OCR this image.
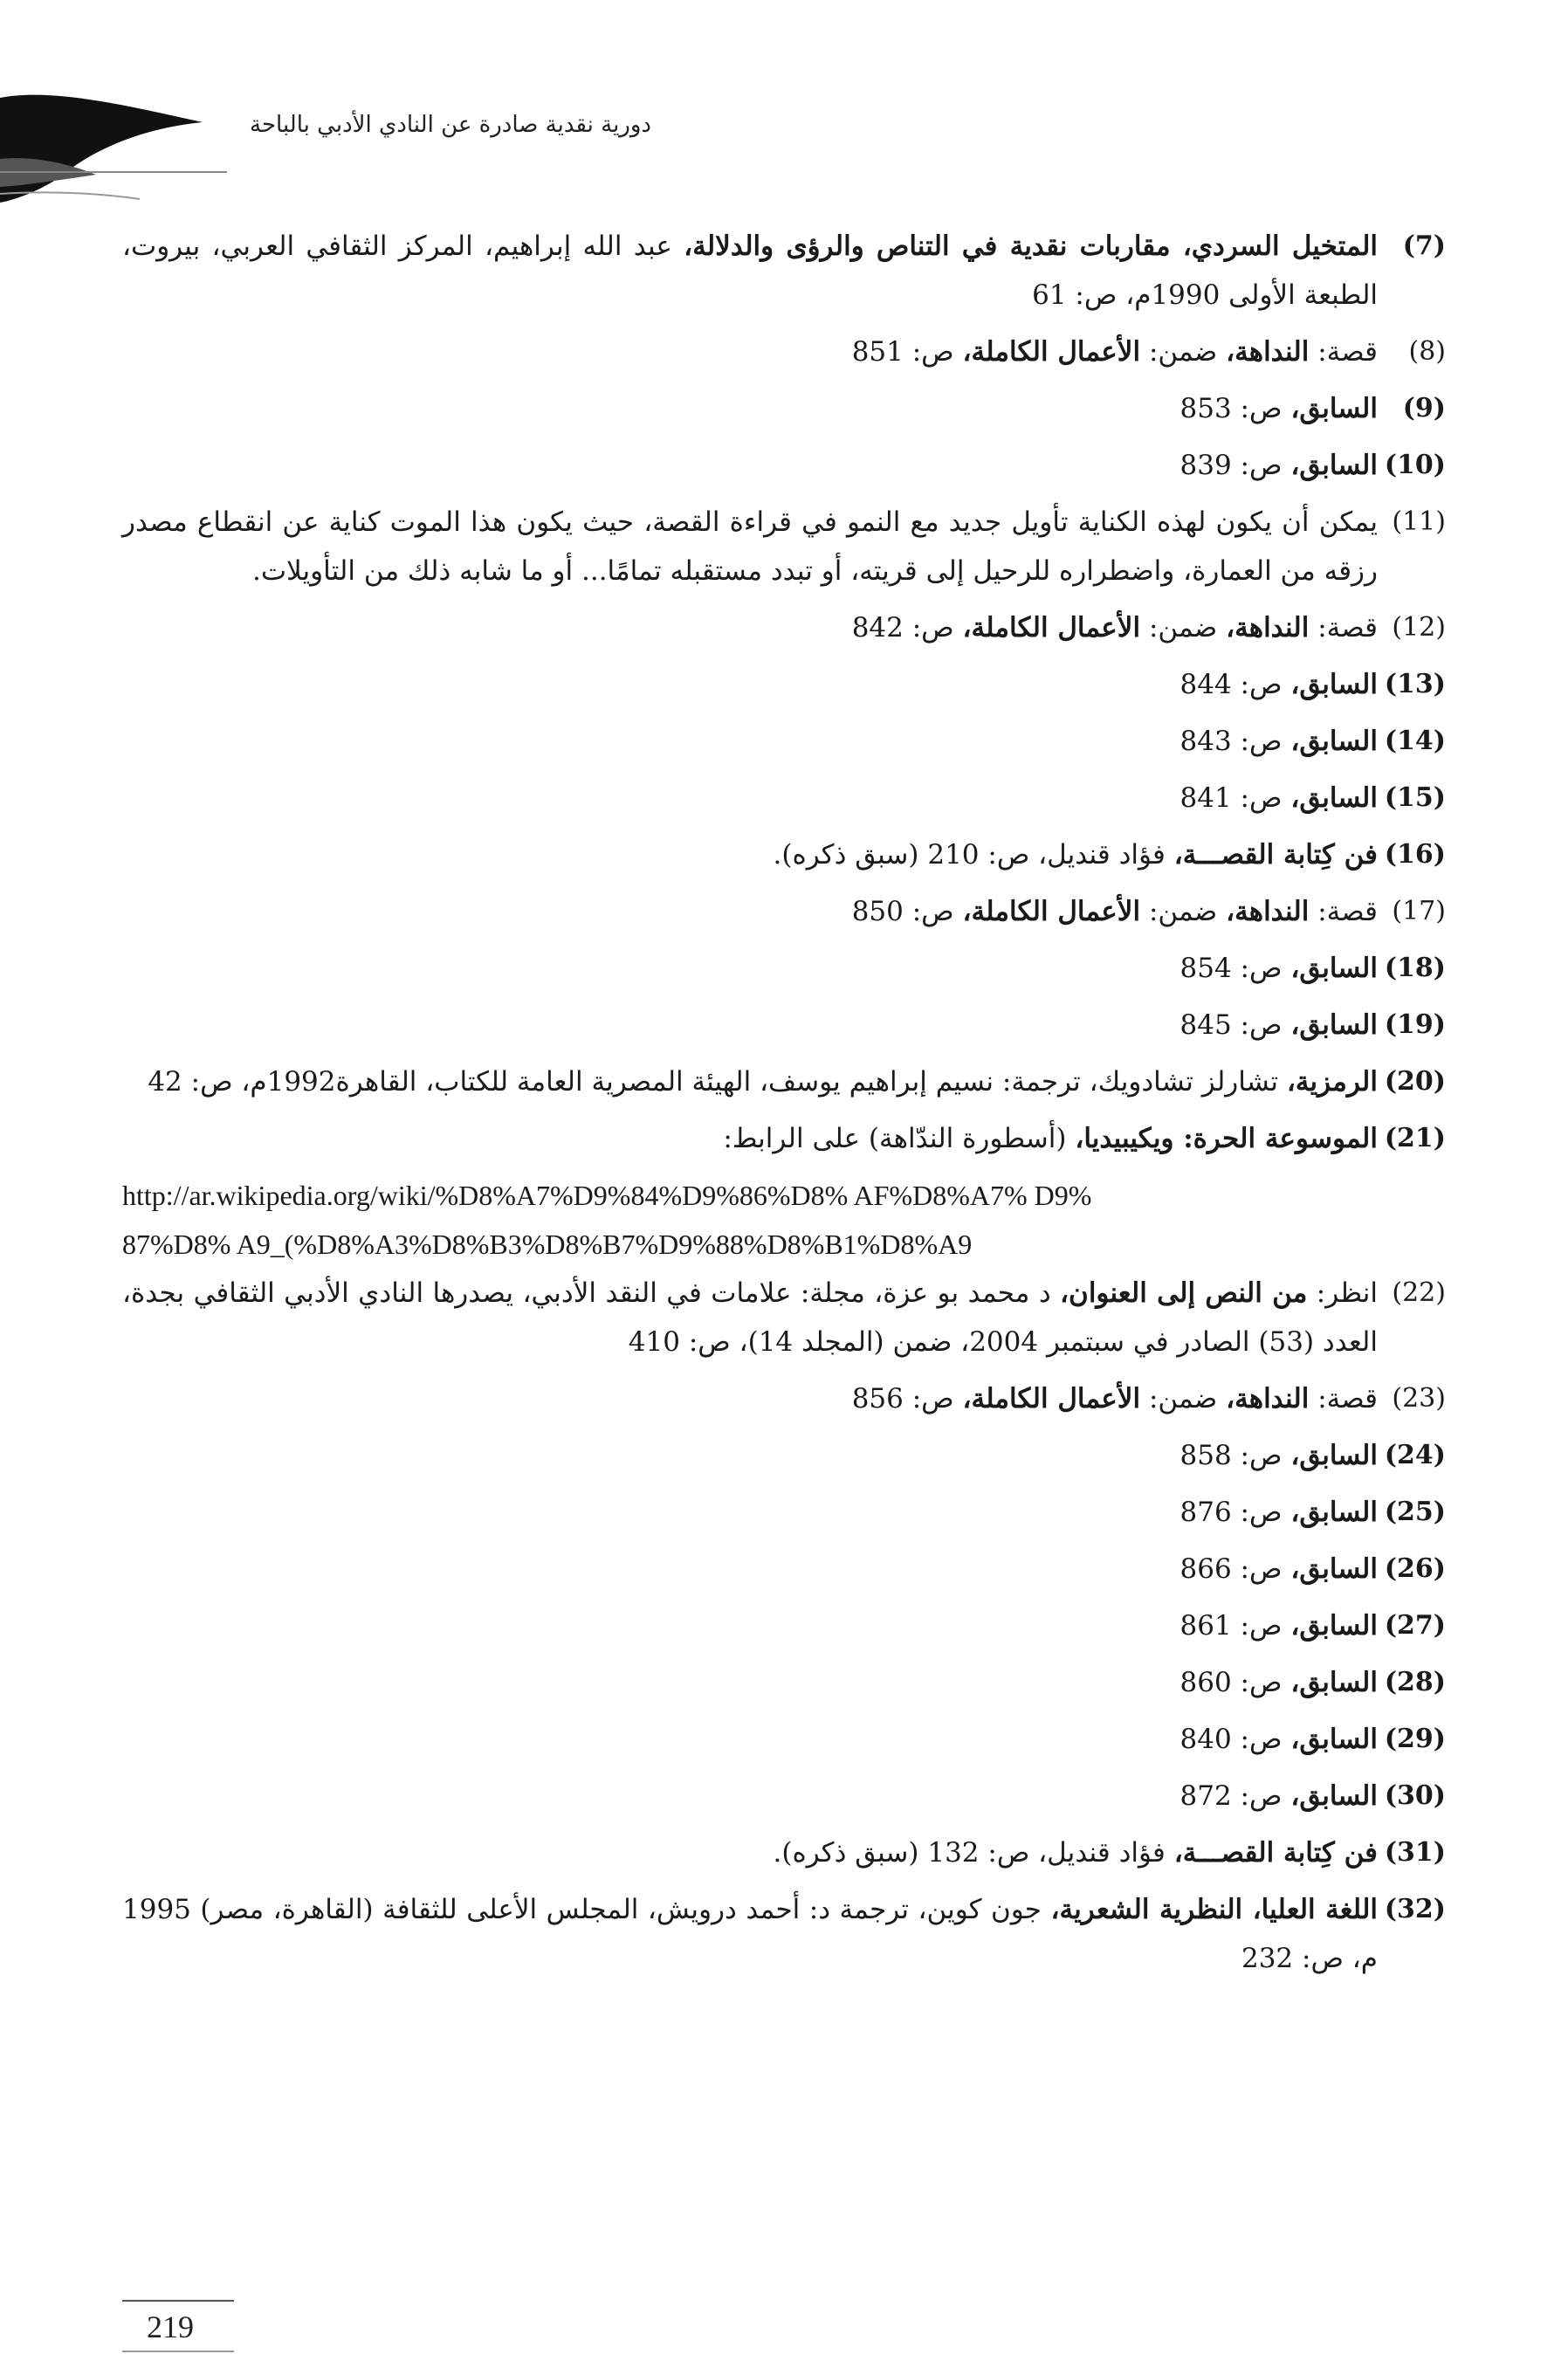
دورية نقدية صادرة عن النادي الأدبي بالباحة
(7)
المتخيل السردي، مقاربات نقدية في التناص والرؤى والدلالة، عبد الله إبراهيم، المركز الثقافي العربي، بيروت، الطبعة الأولى 1990م، ص: 61
(8)
قصة: النداهة، ضمن: الأعمال الكاملة، ص: 851
(9)
السابق، ص: 853
(10)
السابق، ص: 839
(11)
يمكن أن يكون لهذه الكناية تأويل جديد مع النمو في قراءة القصة، حيث يكون هذا الموت كناية عن انقطاع مصدر رزقه من العمارة، واضطراره للرحيل إلى قريته، أو تبدد مستقبله تمامًا... أو ما شابه ذلك من التأويلات.
(12)
قصة: النداهة، ضمن: الأعمال الكاملة، ص: 842
(13)
السابق، ص: 844
(14)
السابق، ص: 843
(15)
السابق، ص: 841
(16)
فن كِتابة القصـــة، فؤاد قنديل، ص: 210 (سبق ذكره).
(17)
قصة: النداهة، ضمن: الأعمال الكاملة، ص: 850
(18)
السابق، ص: 854
(19)
السابق، ص: 845
(20)
الرمزية، تشارلز تشادويك، ترجمة: نسيم إبراهيم يوسف، الهيئة المصرية العامة للكتاب، القاهرة1992م، ص: 42
(21)
الموسوعة الحرة: ويكيبيديا، (أسطورة الندّاهة) على الرابط:
http://ar.wikipedia.org/wiki/%D8%A7%D9%84%D9%86%D8% AF%D8%A7% D9%
87%D8% A9_(%D8%A3%D8%B3%D8%B7%D9%88%D8%B1%D8%A9
(22)
انظر: من النص إلى العنوان، د محمد بو عزة، مجلة: علامات في النقد الأدبي، يصدرها النادي الأدبي الثقافي بجدة، العدد (53) الصادر في سبتمبر 2004، ضمن (المجلد 14)، ص: 410
(23)
قصة: النداهة، ضمن: الأعمال الكاملة، ص: 856
(24)
السابق، ص: 858
(25)
السابق، ص: 876
(26)
السابق، ص: 866
(27)
السابق، ص: 861
(28)
السابق، ص: 860
(29)
السابق، ص: 840
(30)
السابق، ص: 872
(31)
فن كِتابة القصـــة، فؤاد قنديل، ص: 132 (سبق ذكره).
(32)
اللغة العليا، النظرية الشعرية، جون كوين، ترجمة د: أحمد درويش، المجلس الأعلى للثقافة (القاهرة، مصر) 1995 م، ص: 232
219
